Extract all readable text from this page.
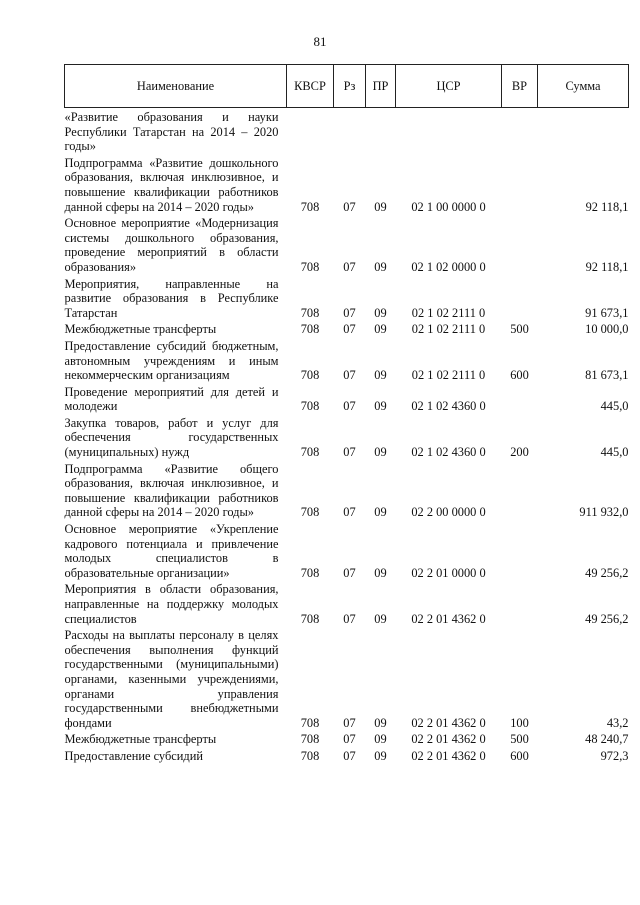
81
Наименование	КВСР	Рз	ПР	ЦСР	ВР	Сумма
«Развитие образования и науки Республики Татарстан на 2014 – 2020 годы»						
Подпрограмма «Развитие дошкольного образования, включая инклюзивное, и повышение квалификации работников данной сферы на 2014 – 2020 годы»	708	07	09	02 1 00 0000 0		92 118,1
Основное мероприятие «Модернизация системы дошкольного образования, проведение мероприятий в области образования»	708	07	09	02 1 02 0000 0		92 118,1
Мероприятия, направленные на развитие образования в Республике Татарстан	708	07	09	02 1 02 2111 0		91 673,1
Межбюджетные трансферты	708	07	09	02 1 02 2111 0	500	10 000,0
Предоставление субсидий бюджетным, автономным учреждениям и иным некоммерческим организациям	708	07	09	02 1 02 2111 0	600	81 673,1
Проведение мероприятий для детей и молодежи	708	07	09	02 1 02 4360 0		445,0
Закупка товаров, работ и услуг для обеспечения государственных (муниципальных) нужд	708	07	09	02 1 02 4360 0	200	445,0
Подпрограмма «Развитие общего образования, включая инклюзивное, и повышение квалификации работников данной сферы на 2014 – 2020 годы»	708	07	09	02 2 00 0000 0		911 932,0
Основное мероприятие «Укрепление кадрового потенциала и привлечение молодых специалистов в образовательные организации»	708	07	09	02 2 01 0000 0		49 256,2
Мероприятия в области образования, направленные на поддержку молодых специалистов	708	07	09	02 2 01 4362 0		49 256,2
Расходы на выплаты персоналу в целях обеспечения выполнения функций государственными (муниципальными) органами, казенными учреждениями, органами управления государственными внебюджетными фондами	708	07	09	02 2 01 4362 0	100	43,2
Межбюджетные трансферты	708	07	09	02 2 01 4362 0	500	48 240,7
Предоставление субсидий	708	07	09	02 2 01 4362 0	600	972,3
